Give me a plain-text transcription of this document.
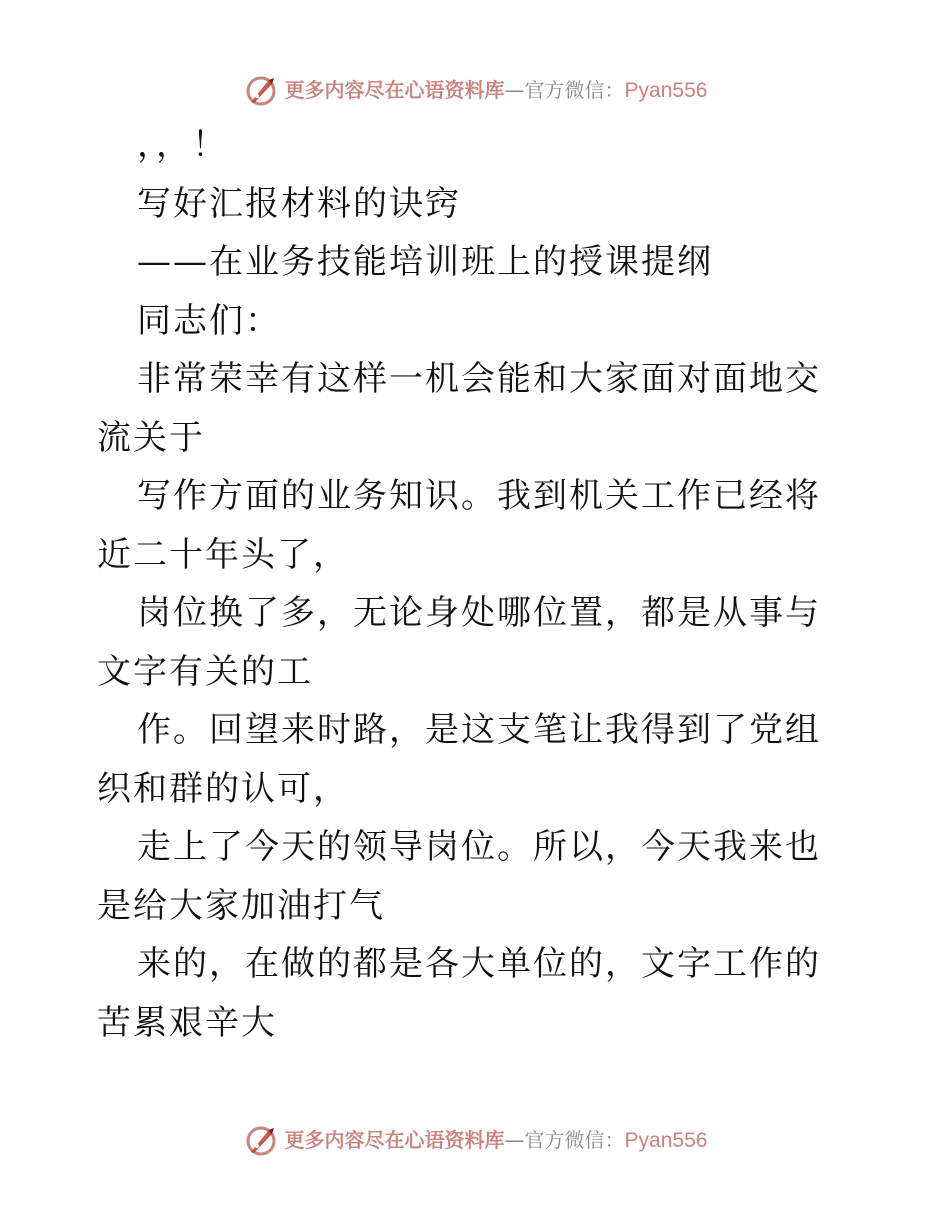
更多内容尽在心语资料库 — 官方微信： Pyan556

，，！

写好汇报材料的诀窍

——在业务技能培训班上的授课提纲

同志们：

非常荣幸有这样一机会能和大家面对面地交流关于

写作方面的业务知识。我到机关工作已经将近二十年头了，

岗位换了多，无论身处哪位置，都是从事与文字有关的工

作。回望来时路，是这支笔让我得到了党组织和群的认可，

走上了今天的领导岗位。所以，今天我来也是给大家加油打气

来的，在做的都是各大单位的，文字工作的苦累艰辛大

更多内容尽在心语资料库 — 官方微信： Pyan556
